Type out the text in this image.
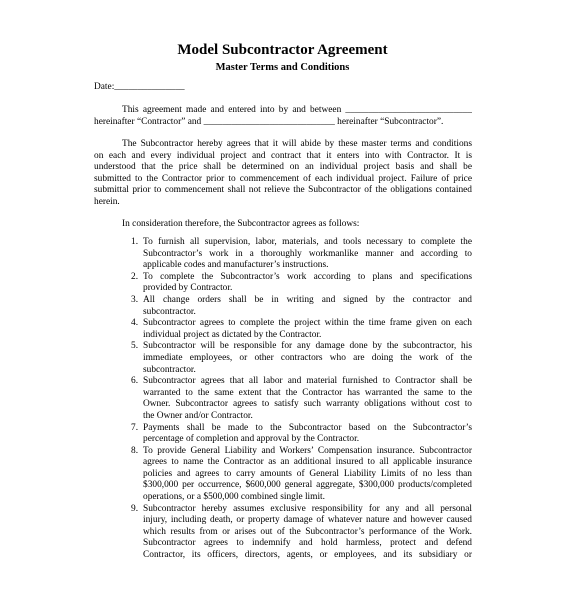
Model Subcontractor Agreement
Master Terms and Conditions
Date:_______________
This agreement made and entered into by and between ___________________________
hereinafter “Contractor” and ____________________________ hereinafter “Subcontractor”.
The Subcontractor hereby agrees that it will abide by these master terms and conditions
on each and every individual project and contract that it enters into with Contractor. It is
understood that the price shall be determined on an individual project basis and shall be
submitted to the Contractor prior to commencement of each individual project. Failure of price
submittal prior to commencement shall not relieve the Subcontractor of the obligations contained
herein.
In consideration therefore, the Subcontractor agrees as follows:
1. To furnish all supervision, labor, materials, and tools necessary to complete the
Subcontractor’s work in a thoroughly workmanlike manner and according to
applicable codes and manufacturer’s instructions.
2. To complete the Subcontractor’s work according to plans and specifications
provided by Contractor.
3. All change orders shall be in writing and signed by the contractor and
subcontractor.
4. Subcontractor agrees to complete the project within the time frame given on each
individual project as dictated by the Contractor.
5. Subcontractor will be responsible for any damage done by the subcontractor, his
immediate employees, or other contractors who are doing the work of the
subcontractor.
6. Subcontractor agrees that all labor and material furnished to Contractor shall be
warranted to the same extent that the Contractor has warranted the same to the
Owner. Subcontractor agrees to satisfy such warranty obligations without cost to
the Owner and/or Contractor.
7. Payments shall be made to the Subcontractor based on the Subcontractor’s
percentage of completion and approval by the Contractor.
8. To provide General Liability and Workers’ Compensation insurance. Subcontractor
agrees to name the Contractor as an additional insured to all applicable insurance
policies and agrees to carry amounts of General Liability Limits of no less than
$300,000 per occurrence, $600,000 general aggregate, $300,000 products/completed
operations, or a $500,000 combined single limit.
9. Subcontractor hereby assumes exclusive responsibility for any and all personal
injury, including death, or property damage of whatever nature and however caused
which results from or arises out of the Subcontractor’s performance of the Work.
Subcontractor agrees to indemnify and hold harmless, protect and defend
Contractor, its officers, directors, agents, or employees, and its subsidiary or
